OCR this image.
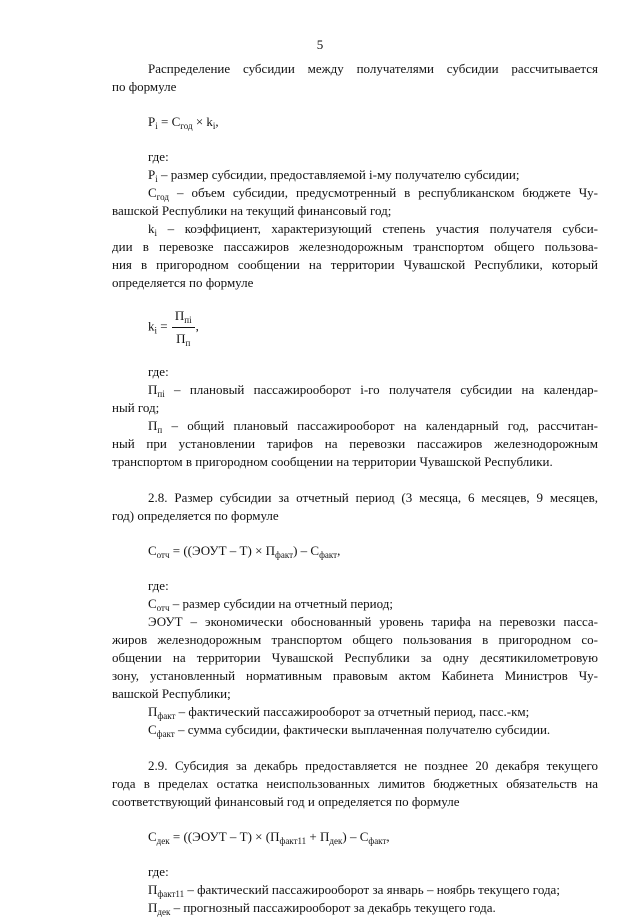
5

Распределение субсидии между получателями субсидии рассчитывается

по формуле

$P_i = C_{год} \times k_i$,

где:

$P_i$ – размер субсидии, предоставляемой i-му получателю субсидии;

$C_{год}$ – объем субсидии, предусмотренный в республиканском бюджете Чу-

вашской Республики на текущий финансовый год;

$k_i$ – коэффициент, характеризующий степень участия получателя субси-

дии в перевозке пассажиров железнодорожным транспортом общего пользова-

ния в пригородном сообщении на территории Чувашской Республики, который

определяется по формуле

$k_i = \frac{П_{пi}}{П_п}$ ,

где:

$П_{пi}$ – плановый пассажирооборот i-го получателя субсидии на календар-

ный год;

$П_п$ – общий плановый пассажирооборот на календарный год, рассчитан-

ный при установлении тарифов на перевозки пассажиров железнодорожным

транспортом в пригородном сообщении на территории Чувашской Республики.

2.8. Размер субсидии за отчетный период (3 месяца, 6 месяцев, 9 месяцев,

год) определяется по формуле

$C_{отч}$ = ((ЭОУТ – $Т) \times П_{факт}) - C_{факт}$,

где:

$C_{отч}$ – размер субсидии на отчетный период;

ЭОУТ – экономически обоснованный уровень тарифа на перевозки пасса-

жиров железнодорожным транспортом общего пользования в пригородном со-

общении на территории Чувашской Республики за одну десятикилометровую

зону, установленный нормативным правовым актом Кабинета Министров Чу-

вашской Республики;

$П_{факт}$ – фактический пассажирооборот за отчетный период, пасс.-км;

$C_{факт}$ – сумма субсидии, фактически выплаченная получателю субсидии.

2.9. Субсидия за декабрь предоставляется не позднее 20 декабря текущего

года в пределах остатка неиспользованных лимитов бюджетных обязательств на

соответствующий финансовый год и определяется по формуле

$C_{дек}$ = ((ЭОУТ – $Т) \times (П_{факт11} + П_{дек}) - C_{факт}$,

где:

$П_{факт11}$ – фактический пассажирооборот за январь – ноябрь текущего года;

$П_{дек}$ – прогнозный пассажирооборот за декабрь текущего года.
